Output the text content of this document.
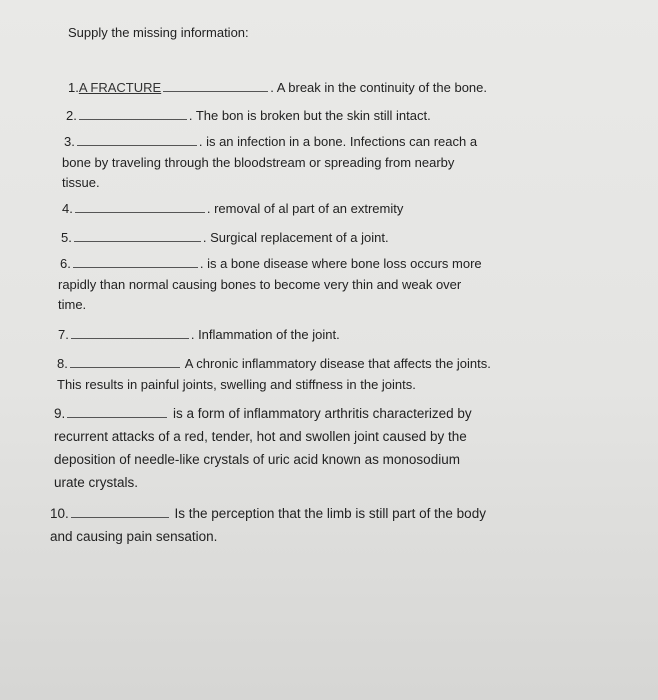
Supply the missing information:
1.A FRACTURE	. A break in the continuity of the bone.
2.	. The bon is broken but the skin still intact.
3.	. is an infection in a bone. Infections can reach a
bone by traveling through the bloodstream or spreading from nearby
tissue.
4.	. removal of al part of an extremity
5.	. Surgical replacement of a joint.
6.	. is a bone disease where bone loss occurs more
rapidly than normal causing bones to become very thin and weak over
time.
7.	. Inflammation of the joint.
8.	A chronic inflammatory disease that affects the joints.
This results in painful joints, swelling and stiffness in the joints.
9.	is a form of inflammatory arthritis characterized by
recurrent attacks of a red, tender, hot and swollen joint caused by the
deposition of needle-like crystals of uric acid known as monosodium
urate crystals.
10.	Is the perception that the limb is still part of the body
and causing pain sensation.
